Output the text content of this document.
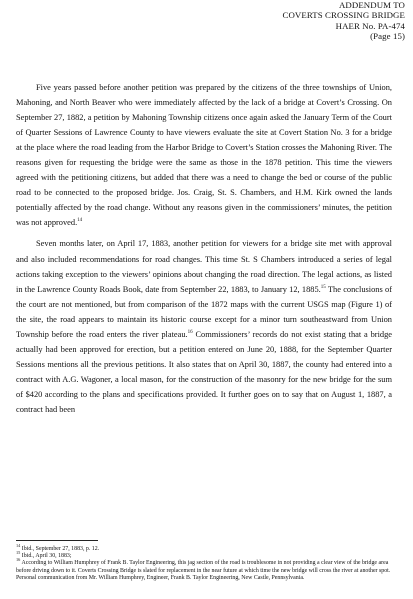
ADDENDUM TO
COVERTS CROSSING BRIDGE
HAER No. PA-474
(Page 15)

Five years passed before another petition was prepared by the citizens of the three townships of Union, Mahoning, and North Beaver who were immediately affected by the lack of a bridge at Covert’s Crossing. On September 27, 1882, a petition by Mahoning Township citizens once again asked the January Term of the Court of Quarter Sessions of Lawrence County to have viewers evaluate the site at Covert Station No. 3 for a bridge at the place where the road leading from the Harbor Bridge to Covert’s Station crosses the Mahoning River. The reasons given for requesting the bridge were the same as those in the 1878 petition. This time the viewers agreed with the petitioning citizens, but added that there was a need to change the bed or course of the public road to be connected to the proposed bridge. Jos. Craig, St. S. Chambers, and H.M. Kirk owned the lands potentially affected by the road change. Without any reasons given in the commissioners’ minutes, the petition was not approved.$^{14}$

Seven months later, on April 17, 1883, another petition for viewers for a bridge site met with approval and also included recommendations for road changes. This time St. S Chambers introduced a series of legal actions taking exception to the viewers’ opinions about changing the road direction. The legal actions, as listed in the Lawrence County Roads Book, date from September 22, 1883, to January 12, 1885.15 The conclusions of the court are not mentioned, but from comparison of the 1872 maps with the current USGS map (Figure 1) of the site, the road appears to maintain its historic course except for a minor turn southeastward from Union Township before the road enters the river plateau.$^{16}$ Commissioners’ records do not exist stating that a bridge actually had been approved for erection, but a petition entered on June 20, 1888, for the September Quarter Sessions mentions all the previous petitions. It also states that on April 30, 1887, the county had entered into a contract with A.G. Wagoner, a local mason, for the construction of the masonry for the new bridge for the sum of $420 according to the plans and specifications provided. It further goes on to say that on August 1, 1887, a contract had been

$^{14}$ Ibid., September 27, 1883, p. 12.

$^{15}$ Ibid., April 30, 1883;

$^{16}$ According to William Humphrey of Frank B. Taylor Engineering, this jag section of the road is troublesome in not providing a clear view of the bridge area before driving down to it. Coverts Crossing Bridge is slated for replacement in the near future at which time the new bridge will cross the river at another spot. Personal communication from Mr. William Humphrey, Engineer, Frank B. Taylor Engineering, New Castle, Pennsylvania.
